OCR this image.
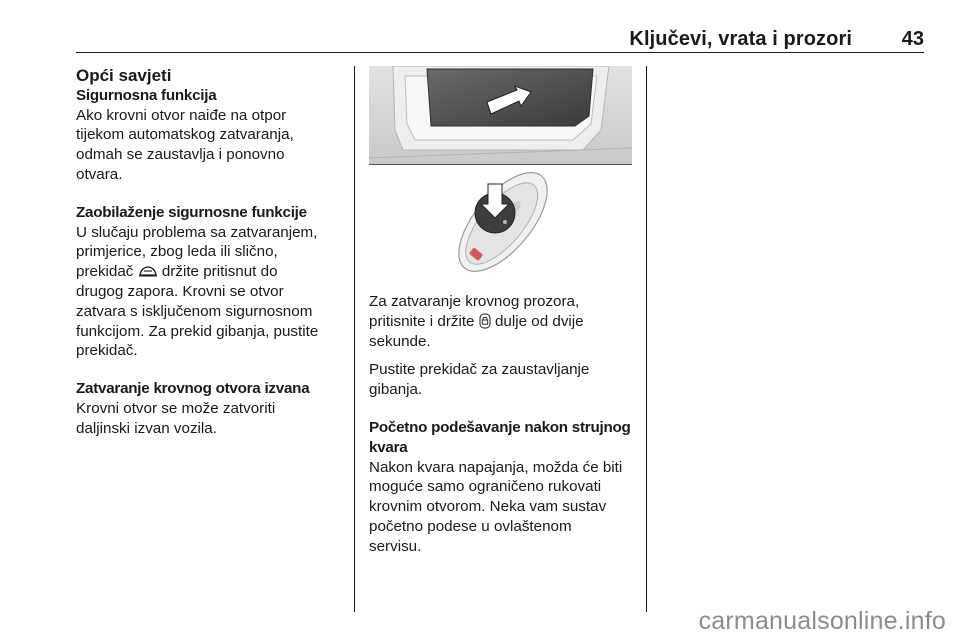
Ključevi, vrata i prozori 43

Opći savjeti

Sigurnosna funkcija

Ako krovni otvor naiđe na otpor
tijekom automatskog zatvaranja,
odmah se zaustavlja i ponovno
otvara.

Zaobilaženje sigurnosne funkcije

U slučaju problema sa zatvaranjem,
primjerice, zbog leda ili slično,
prekidač  držite pritisnut do
drugog zapora. Krovni se otvor
zatvara s isključenom sigurnosnom
funkcijom. Za prekid gibanja, pustite
prekidač.

Zatvaranje krovnog otvora izvana

Krovni otvor se može zatvoriti
daljinski izvan vozila.

Za zatvaranje krovnog prozora,
pritisnite i držite  dulje od dvije
sekunde.

Pustite prekidač za zaustavljanje
gibanja.

Početno podešavanje nakon strujnog
kvara

Nakon kvara napajanja, možda će biti
moguće samo ograničeno rukovati
krovnim otvorom. Neka vam sustav
početno podese u ovlaštenom
servisu.

carmanualsonline.info
